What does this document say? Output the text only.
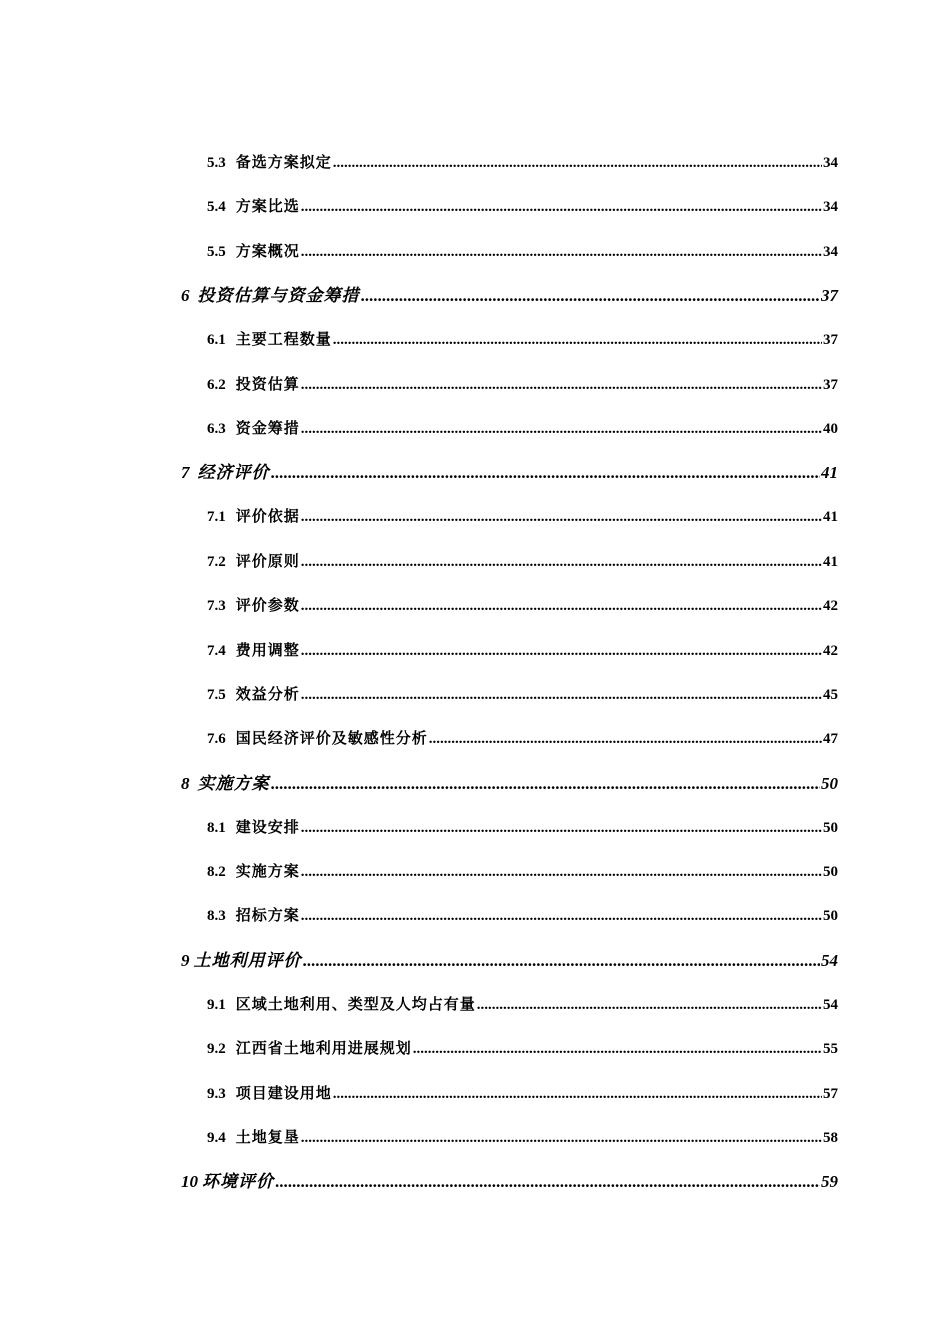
5.3 备选方案拟定 .....	34
5.4 方案比选 .....	34
5.5 方案概况 .....	34
6 投资估算与资金筹措 .....	37
6.1 主要工程数量 .....	37
6.2 投资估算 .....	37
6.3 资金筹措 .....	40
7 经济评价 .....	41
7.1 评价依据 .....	41
7.2 评价原则 .....	41
7.3 评价参数 .....	42
7.4 费用调整 .....	42
7.5 效益分析 .....	45
7.6 国民经济评价及敏感性分析 .....	47
8 实施方案 .....	50
8.1 建设安排 .....	50
8.2 实施方案 .....	50
8.3 招标方案 .....	50
9 土地利用评价 .....	54
9.1 区域土地利用、类型及人均占有量 .....	54
9.2 江西省土地利用进展规划 .....	55
9.3 项目建设用地 .....	57
9.4 土地复垦 .....	58
10 环境评价 .....	59
